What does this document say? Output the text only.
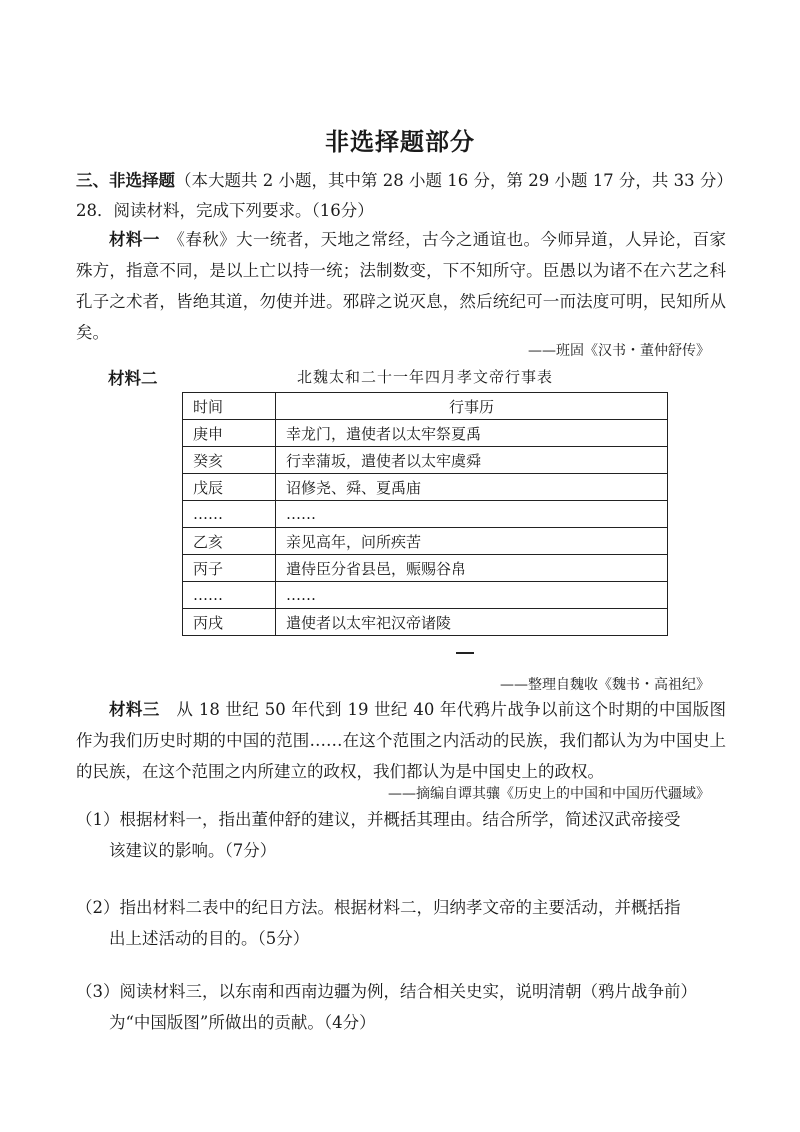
非选择题部分
三、非选择题（本大题共 2 小题，其中第 28 小题 16 分，第 29 小题 17 分，共 33 分）
28．阅读材料，完成下列要求。（16分）
材料一　 《春秋》大一统者，天地之常经，古今之通谊也。今师异道，人异论，百家殊方，指意不同，是以上亡以持一统；法制数变，下不知所守。臣愚以为诸不在六艺之科孔子之术者，皆绝其道，勿使并进。邪辟之说灭息，然后统纪可一而法度可明，民知所从矣。
——班固《汉书・董仲舒传》
材料二	北魏太和二十一年四月孝文帝行事表
时间	行事历
庚申	幸龙门，遣使者以太牢祭夏禹
癸亥	行幸蒲坂，遣使者以太牢虞舜
戊辰	诏修尧、舜、夏禹庙
……	……
乙亥	亲见高年，问所疾苦
丙子	遣侍臣分省县邑，赈赐谷帛
……	……
丙戌	遣使者以太牢祀汉帝诸陵
——整理自魏收《魏书・高祖纪》
材料三　 从 18 世纪 50 年代到 19 世纪 40 年代鸦片战争以前这个时期的中国版图作为我们历史时期的中国的范围……在这个范围之内活动的民族，我们都认为为中国史上的民族，在这个范围之内所建立的政权，我们都认为是中国史上的政权。
——摘编自谭其骧《历史上的中国和中国历代疆域》
（1）根据材料一，指出董仲舒的建议，并概括其理由。结合所学，简述汉武帝接受
该建议的影响。（7分）
（2）指出材料二表中的纪日方法。根据材料二，归纳孝文帝的主要活动，并概括指
出上述活动的目的。（5分）
（3）阅读材料三，以东南和西南边疆为例，结合相关史实，说明清朝（鸦片战争前）
为“中国版图”所做出的贡献。（4分）
